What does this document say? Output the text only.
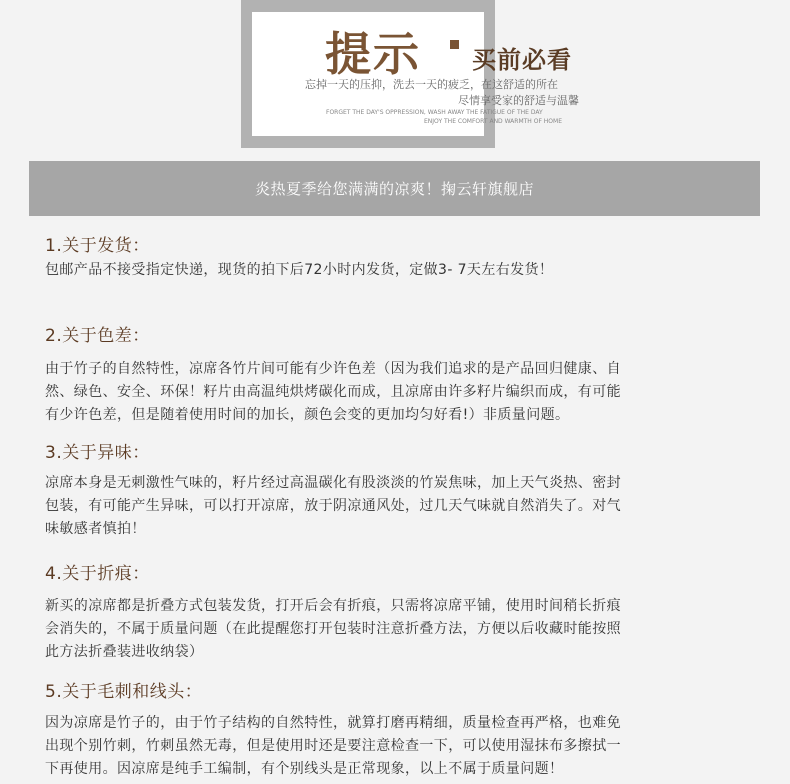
提示 买前必看
忘掉一天的压抑，洗去一天的疲乏，在这舒适的所在
尽情享受家的舒适与温馨
FORGET THE DAY'S OPPRESSION, WASH AWAY THE FATIGUE OF THE DAY
ENJOY THE COMFORT AND WARMTH OF HOME
炎热夏季给您满满的凉爽！掬云轩旗舰店
1.关于发货：
包邮产品不接受指定快递，现货的拍下后72小时内发货，定做3- 7天左右发货！
2.关于色差：
由于竹子的自然特性，凉席各竹片间可能有少许色差（因为我们追求的是产品回归健康、自
然、绿色、安全、环保！籽片由高温纯烘烤碳化而成，且凉席由许多籽片编织而成，有可能
有少许色差，但是随着使用时间的加长，颜色会变的更加均匀好看!）非质量问题。
3.关于异味：
凉席本身是无刺激性气味的，籽片经过高温碳化有股淡淡的竹炭焦味，加上天气炎热、密封
包装，有可能产生异味，可以打开凉席，放于阴凉通风处，过几天气味就自然消失了。对气
味敏感者慎拍！
4.关于折痕：
新买的凉席都是折叠方式包装发货，打开后会有折痕，只需将凉席平铺，使用时间稍长折痕
会消失的，不属于质量问题（在此提醒您打开包装时注意折叠方法，方便以后收藏时能按照
此方法折叠装进收纳袋）
5.关于毛刺和线头：
因为凉席是竹子的，由于竹子结构的自然特性，就算打磨再精细，质量检查再严格，也难免
出现个别竹刺，竹刺虽然无毒，但是使用时还是要注意检查一下，可以使用湿抹布多擦拭一
下再使用。因凉席是纯手工编制，有个别线头是正常现象，以上不属于质量问题！
